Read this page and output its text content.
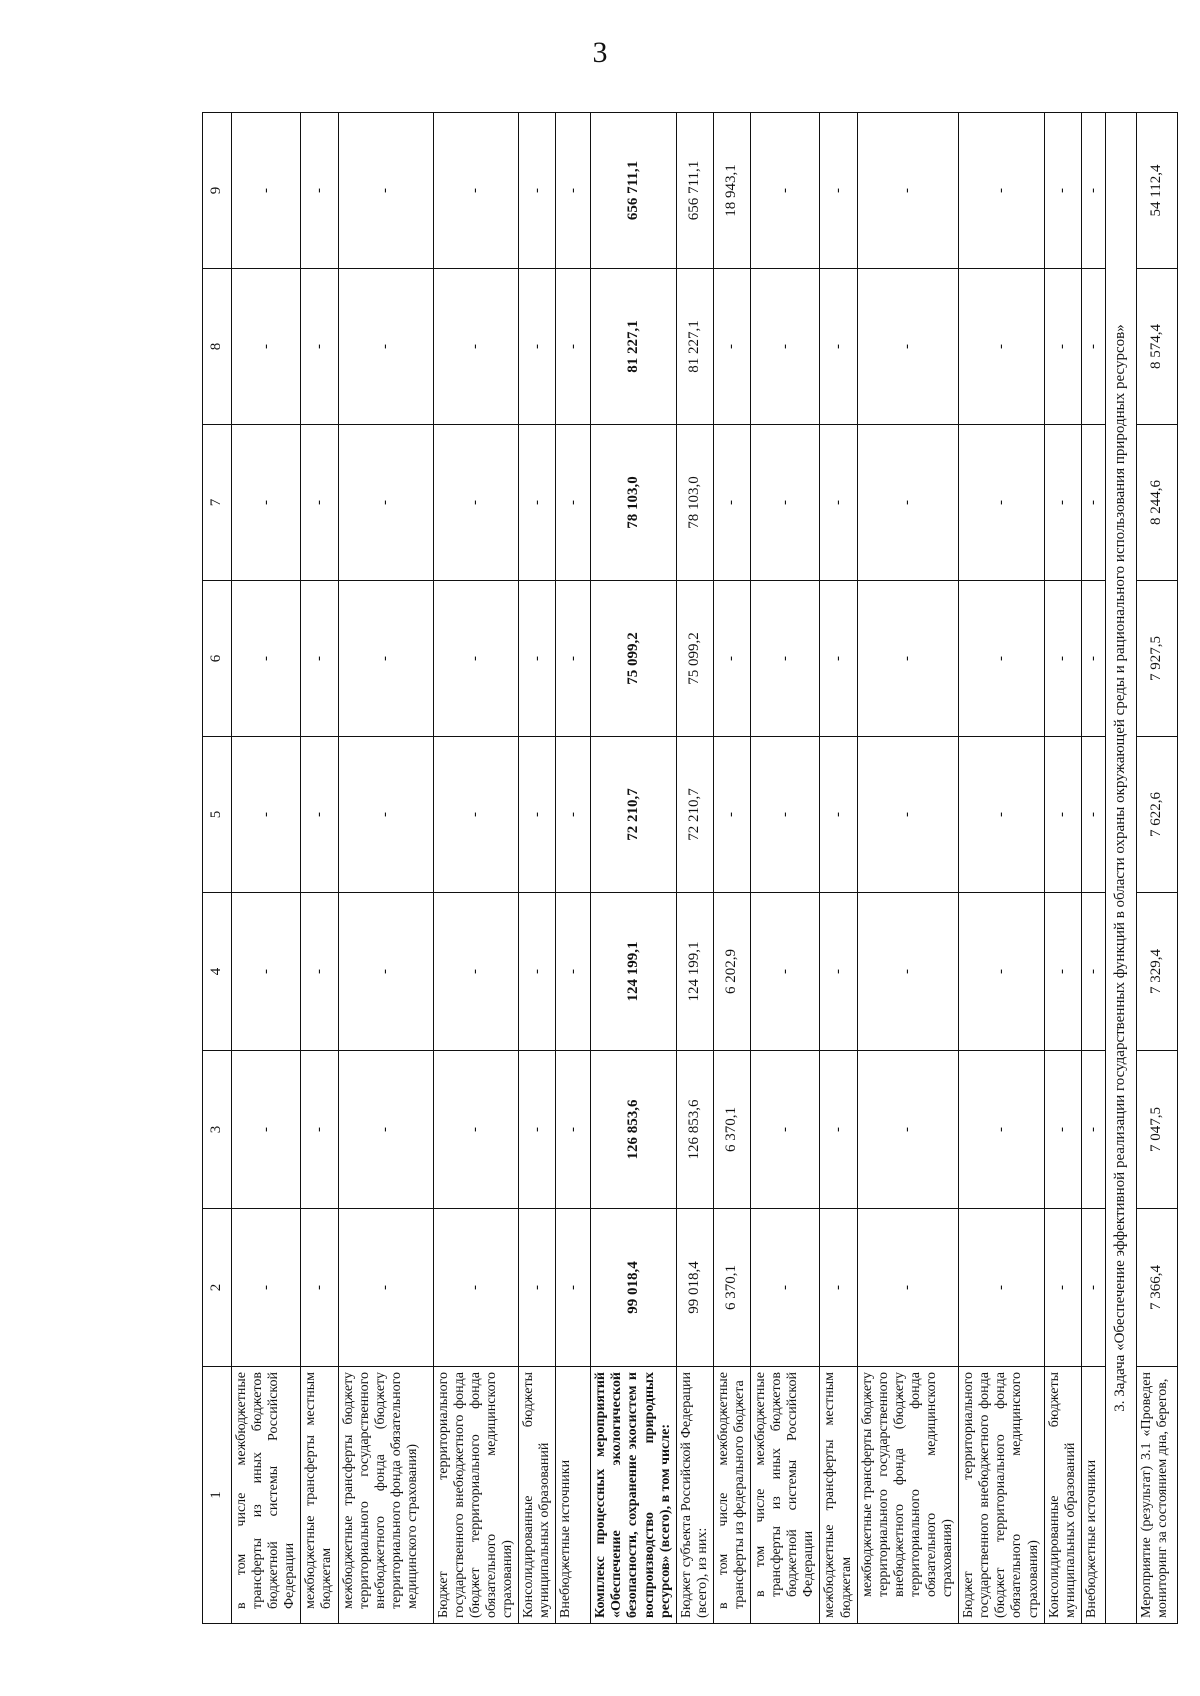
3
1	2	3	4	5	6	7	8	9
в том числе межбюджетные трансферты из иных бюджетов бюджетной системы Российской Федерации	-	-	-	-	-	-	-	-
межбюджетные трансферты местным бюджетам	-	-	-	-	-	-	-	-
межбюджетные трансферты бюджету территориального государственного внебюджетного фонда (бюджету территориального фонда обязательного медицинского страхования)	-	-	-	-	-	-	-	-
Бюджет территориального государственного внебюджетного фонда (бюджет территориального фонда обязательного медицинского страхования)	-	-	-	-	-	-	-	-
Консолидированные бюджеты муниципальных образований	-	-	-	-	-	-	-	-
Внебюджетные источники	-	-	-	-	-	-	-	-
Комплекс процессных мероприятий «Обеспечение экологической безопасности, сохранение экосистем и воспроизводство природных ресурсов» (всего), в том числе:	99 018,4	126 853,6	124 199,1	72 210,7	75 099,2	78 103,0	81 227,1	656 711,1
Бюджет субъекта Российской Федерации (всего), из них:	99 018,4	126 853,6	124 199,1	72 210,7	75 099,2	78 103,0	81 227,1	656 711,1
в том числе межбюджетные трансферты из федерального бюджета	6 370,1	6 370,1	6 202,9	-	-	-	-	18 943,1
в том числе межбюджетные трансферты из иных бюджетов бюджетной системы Российской Федерации	-	-	-	-	-	-	-	-
межбюджетные трансферты местным бюджетам	-	-	-	-	-	-	-	-
межбюджетные трансферты бюджету территориального государственного внебюджетного фонда (бюджету территориального фонда обязательного медицинского страхования)	-	-	-	-	-	-	-	-
Бюджет территориального государственного внебюджетного фонда (бюджет территориального фонда обязательного медицинского страхования)	-	-	-	-	-	-	-	-
Консолидированные бюджеты муниципальных образований	-	-	-	-	-	-	-	-
Внебюджетные источники	-	-	-	-	-	-	-	-
3. Задача «Обеспечение эффективной реализации государственных функций в области охраны окружающей среды и рационального использования природных ресурсов»								
Мероприятие (результат) 3.1 «Проведен мониторинг за состоянием дна, берегов,	7 366,4	7 047,5	7 329,4	7 622,6	7 927,5	8 244,6	8 574,4	54 112,4
